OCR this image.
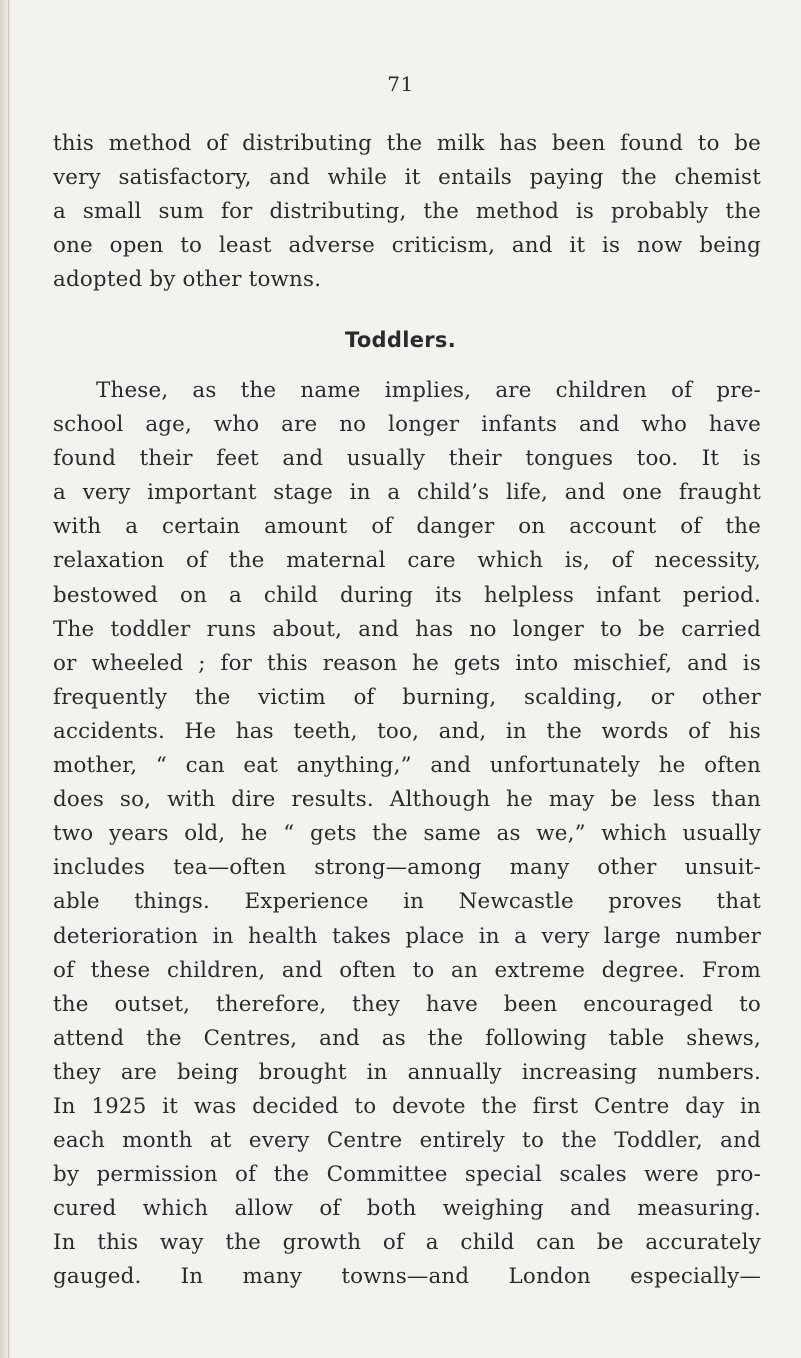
71
this method of distributing the milk has been found to be
very satisfactory, and while it entails paying the chemist
a small sum for distributing, the method is probably the
one open to least adverse criticism, and it is now being
adopted by other towns.
Toddlers.
These, as the name implies, are children of pre-
school age, who are no longer infants and who have
found their feet and usually their tongues too. It is
a very important stage in a child’s life, and one fraught
with a certain amount of danger on account of the
relaxation of the maternal care which is, of necessity,
bestowed on a child during its helpless infant period.
The toddler runs about, and has no longer to be carried
or wheeled ; for this reason he gets into mischief, and is
frequently the victim of burning, scalding, or other
accidents. He has teeth, too, and, in the words of his
mother, “ can eat anything,” and unfortunately he often
does so, with dire results. Although he may be less than
two years old, he “ gets the same as we,” which usually
includes tea—often strong—among many other unsuit-
able things. Experience in Newcastle proves that
deterioration in health takes place in a very large number
of these children, and often to an extreme degree. From
the outset, therefore, they have been encouraged to
attend the Centres, and as the following table shews,
they are being brought in annually increasing numbers.
In 1925 it was decided to devote the first Centre day in
each month at every Centre entirely to the Toddler, and
by permission of the Committee special scales were pro-
cured which allow of both weighing and measuring.
In this way the growth of a child can be accurately
gauged. In many towns—and London especially—
